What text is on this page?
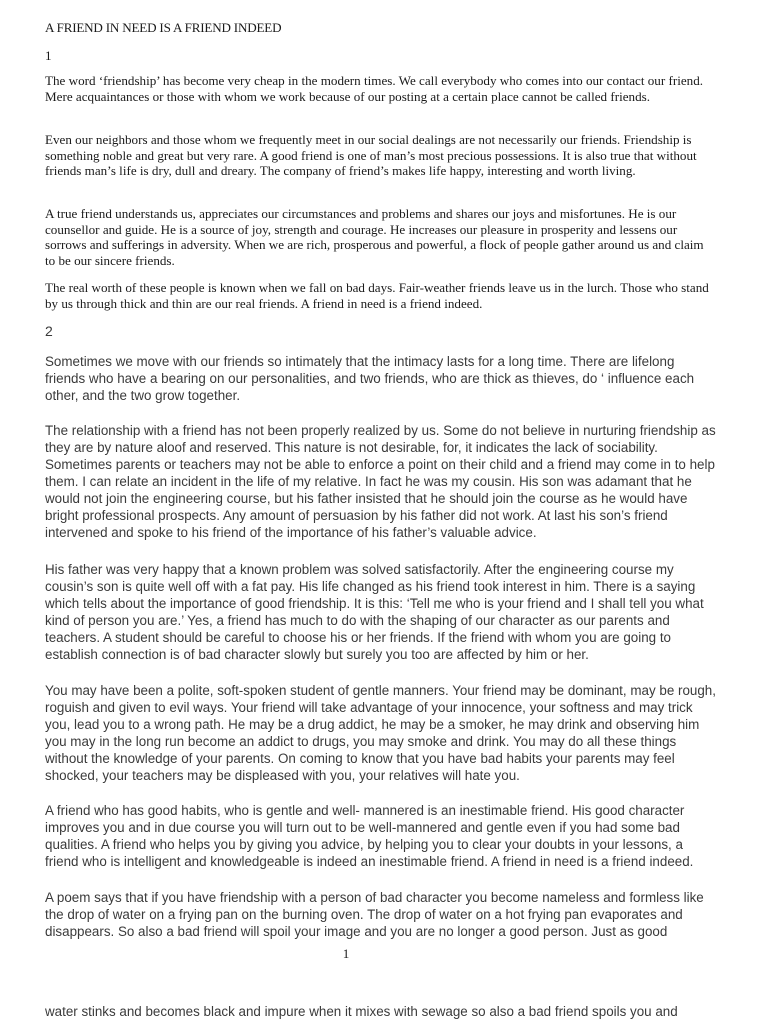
A FRIEND IN NEED IS A FRIEND INDEED
1

The word ‘friendship’ has become very cheap in the modern times. We call everybody who comes into our contact our friend. Mere acquaintances or those with whom we work because of our posting at a certain place cannot be called friends.

Even our neighbors and those whom we frequently meet in our social dealings are not necessarily our friends. Friendship is something noble and great but very rare. A good friend is one of man’s most precious possessions. It is also true that without friends man’s life is dry, dull and dreary. The company of friend’s makes life happy, interesting and worth living.

A true friend understands us, appreciates our circumstances and problems and shares our joys and misfortunes. He is our counsellor and guide. He is a source of joy, strength and courage. He increases our pleasure in prosperity and lessens our sorrows and sufferings in adversity. When we are rich, prosperous and powerful, a flock of people gather around us and claim to be our sincere friends.

The real worth of these people is known when we fall on bad days. Fair-weather friends leave us in the lurch. Those who stand by us through thick and thin are our real friends. A friend in need is a friend indeed.

2

Sometimes we move with our friends so intimately that the intimacy lasts for a long time. There are lifelong friends who have a bearing on our personalities, and two friends, who are thick as thieves, do ‘ influence each other, and the two grow together.

The relationship with a friend has not been properly realized by us. Some do not believe in nurturing friendship as they are by nature aloof and reserved. This nature is not desirable, for, it indicates the lack of sociability. Sometimes parents or teachers may not be able to enforce a point on their child and a friend may come in to help them. I can relate an incident in the life of my relative. In fact he was my cousin. His son was adamant that he would not join the engineering course, but his father insisted that he should join the course as he would have bright professional prospects. Any amount of persuasion by his father did not work. At last his son’s friend intervened and spoke to his friend of the importance of his father’s valuable advice.

His father was very happy that a known problem was solved satisfactorily. After the engineering course my cousin’s son is quite well off with a fat pay. His life changed as his friend took interest in him. There is a saying which tells about the importance of good friendship. It is this: ‘Tell me who is your friend and I shall tell you what kind of person you are.’ Yes, a friend has much to do with the shaping of our character as our parents and teachers. A student should be careful to choose his or her friends. If the friend with whom you are going to establish connection is of bad character slowly but surely you too are affected by him or her.

You may have been a polite, soft-spoken student of gentle manners. Your friend may be dominant, may be rough, roguish and given to evil ways. Your friend will take advantage of your innocence, your softness and may trick you, lead you to a wrong path. He may be a drug addict, he may be a smoker, he may drink and observing him you may in the long run become an addict to drugs, you may smoke and drink. You may do all these things without the knowledge of your parents. On coming to know that you have bad habits your parents may feel shocked, your teachers may be displeased with you, your relatives will hate you.

A friend who has good habits, who is gentle and well- mannered is an inestimable friend. His good character improves you and in due course you will turn out to be well-mannered and gentle even if you had some bad qualities. A friend who helps you by giving you advice, by helping you to clear your doubts in your lessons, a friend who is intelligent and knowledgeable is indeed an inestimable friend. A friend in need is a friend indeed.

A poem says that if you have friendship with a person of bad character you become nameless and formless like the drop of water on a frying pan on the burning oven. The drop of water on a hot frying pan evaporates and disappears. So also a bad friend will spoil your image and you are no longer a good person. Just as good

1

water stinks and becomes black and impure when it mixes with sewage so also a bad friend spoils you and
